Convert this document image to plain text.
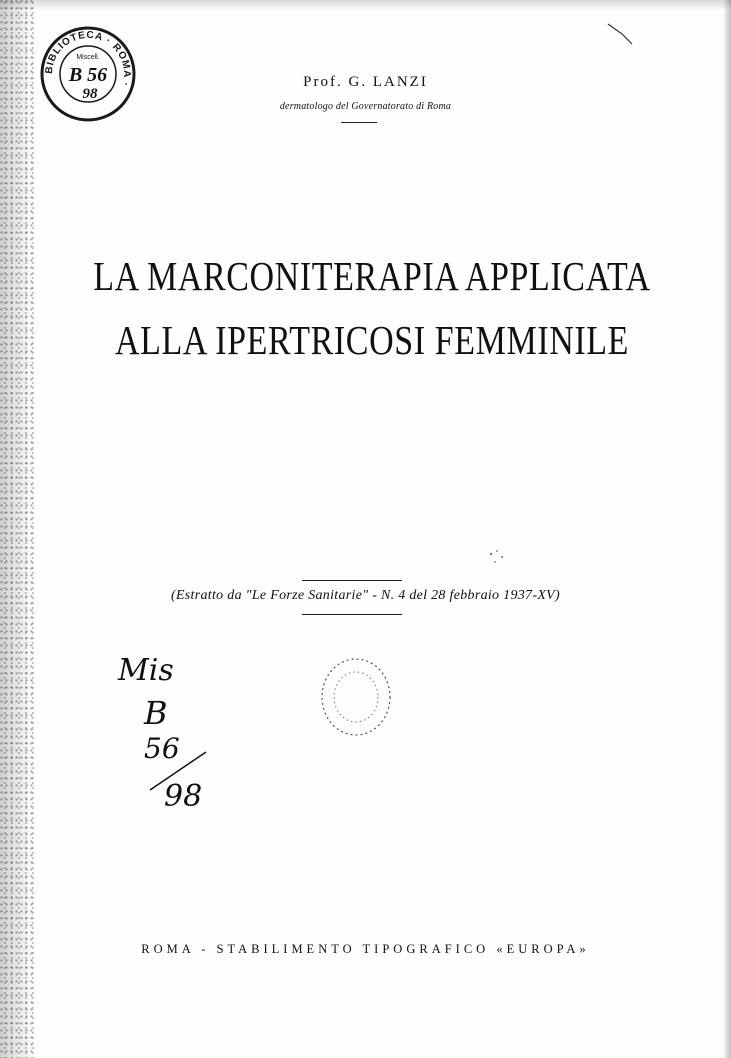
BIBLIOTECA · ROMA ·
Miscell.
B 56
98
Prof. G. LANZI
dermatologo del Governatorato di Roma
LA MARCONITERAPIA APPLICATA
ALLA IPERTRICOSI FEMMINILE
(Estratto da "Le Forze Sanitarie" - N. 4 del 28 febbraio 1937-XV)
Mis
B
56
98
ROMA - STABILIMENTO TIPOGRAFICO «EUROPA»
